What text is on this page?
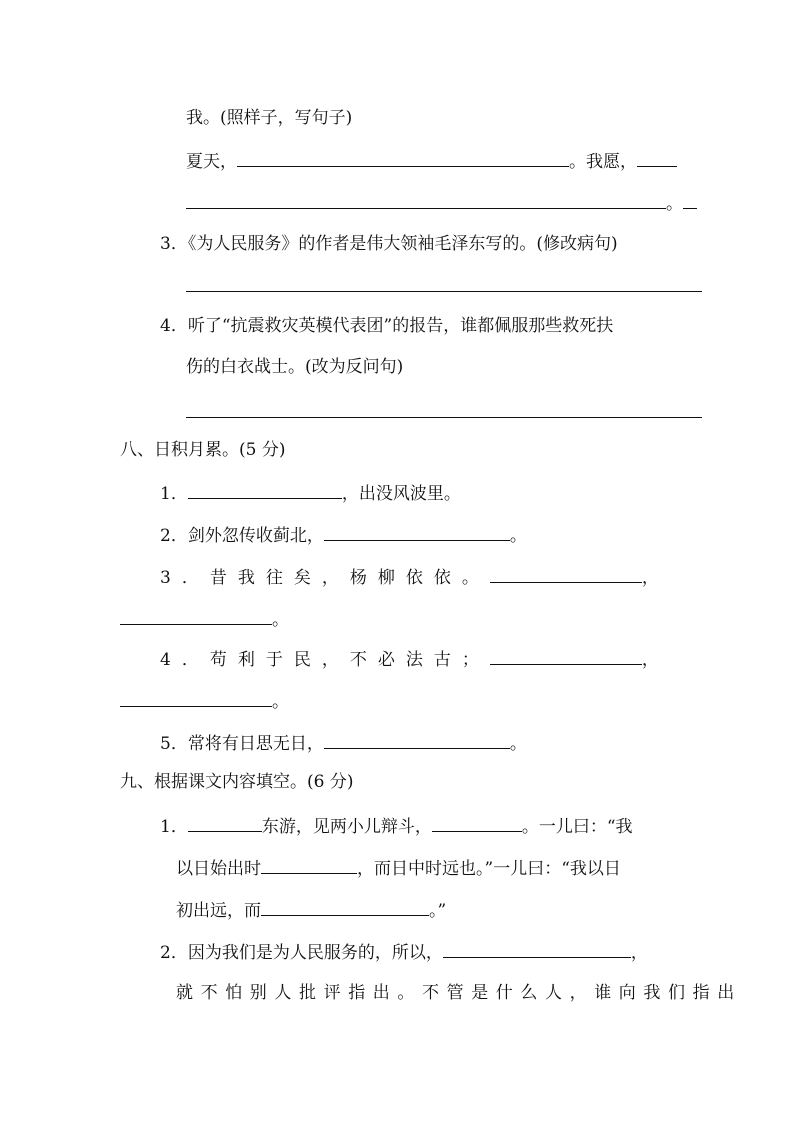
我。(照样子，写句子)
夏天，	。我愿，
。
3．《为人民服务》的作者是伟大领袖毛泽东写的。(修改病句)
4．听了“抗震救灾英模代表团”的报告，谁都佩服那些救死扶
伤的白衣战士。(改为反问句)
八、日积月累。(5 分)
1．	，出没风波里。
2．剑外忽传收蓟北，	。
3．昔我往矣，杨柳依依。	，
。
4．苟利于民，不必法古；	，
。
5．常将有日思无日，	。
九、根据课文内容填空。(6 分)
1．	东游，见两小儿辩斗，	。一儿曰：“我
以日始出时	，而日中时远也。”一儿曰：“我以日
初出远，而	。”
2．因为我们是为人民服务的，所以，	，
就不怕别人批评指出。不管是什么人，谁向我们指出
